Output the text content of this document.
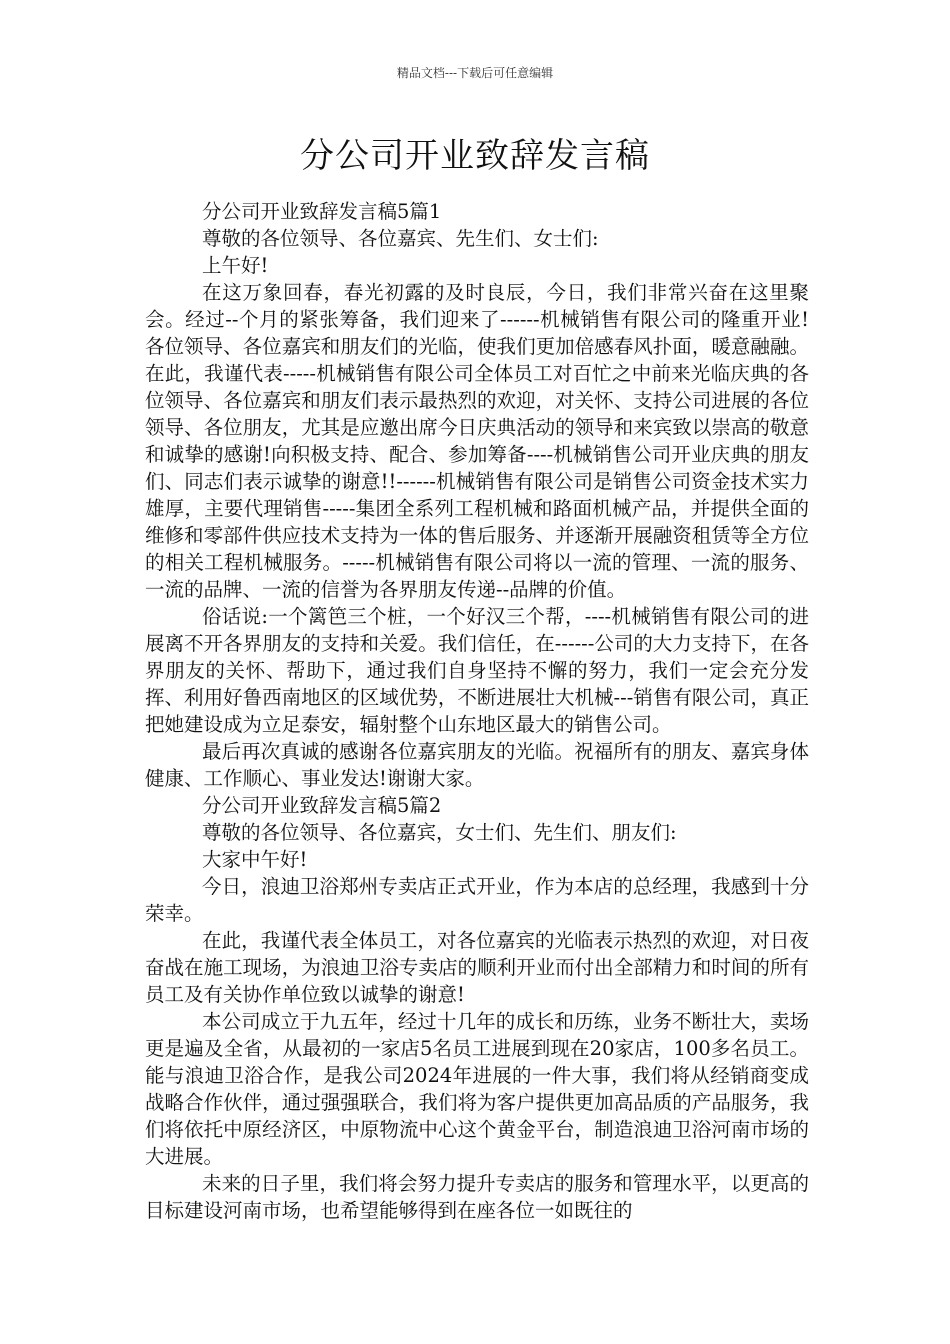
精品文档---下载后可任意编辑
分公司开业致辞发言稿

分公司开业致辞发言稿5篇1

尊敬的各位领导、各位嘉宾、先生们、女士们:

上午好!

在这万象回春，春光初露的及时良辰，今日，我们非常兴奋在这里聚会。经过--个月的紧张筹备，我们迎来了------机械销售有限公司的隆重开业!各位领导、各位嘉宾和朋友们的光临，使我们更加倍感春风扑面，暖意融融。在此，我谨代表-----机械销售有限公司全体员工对百忙之中前来光临庆典的各位领导、各位嘉宾和朋友们表示最热烈的欢迎，对关怀、支持公司进展的各位领导、各位朋友，尤其是应邀出席今日庆典活动的领导和来宾致以崇高的敬意和诚挚的感谢!向积极支持、配合、参加筹备----机械销售公司开业庆典的朋友们、同志们表示诚挚的谢意!!------机械销售有限公司是销售公司资金技术实力雄厚，主要代理销售-----集团全系列工程机械和路面机械产品，并提供全面的维修和零部件供应技术支持为一体的售后服务、并逐渐开展融资租赁等全方位的相关工程机械服务。-----机械销售有限公司将以一流的管理、一流的服务、一流的品牌、一流的信誉为各界朋友传递--品牌的价值。

俗话说:一个篱笆三个桩，一个好汉三个帮，----机械销售有限公司的进展离不开各界朋友的支持和关爱。我们信任，在------公司的大力支持下，在各界朋友的关怀、帮助下，通过我们自身坚持不懈的努力，我们一定会充分发挥、利用好鲁西南地区的区域优势，不断进展壮大机械---销售有限公司，真正把她建设成为立足泰安，辐射整个山东地区最大的销售公司。

最后再次真诚的感谢各位嘉宾朋友的光临。祝福所有的朋友、嘉宾身体健康、工作顺心、事业发达!谢谢大家。

分公司开业致辞发言稿5篇2

尊敬的各位领导、各位嘉宾，女士们、先生们、朋友们:

大家中午好!

今日，浪迪卫浴郑州专卖店正式开业，作为本店的总经理，我感到十分荣幸。

在此，我谨代表全体员工，对各位嘉宾的光临表示热烈的欢迎，对日夜奋战在施工现场，为浪迪卫浴专卖店的顺利开业而付出全部精力和时间的所有员工及有关协作单位致以诚挚的谢意!

本公司成立于九五年，经过十几年的成长和历练，业务不断壮大，卖场更是遍及全省，从最初的一家店5名员工进展到现在20家店，100多名员工。能与浪迪卫浴合作，是我公司2024年进展的一件大事，我们将从经销商变成战略合作伙伴，通过强强联合，我们将为客户提供更加高品质的产品服务，我们将依托中原经济区，中原物流中心这个黄金平台，制造浪迪卫浴河南市场的大进展。

未来的日子里，我们将会努力提升专卖店的服务和管理水平，以更高的目标建设河南市场，也希望能够得到在座各位一如既往的
